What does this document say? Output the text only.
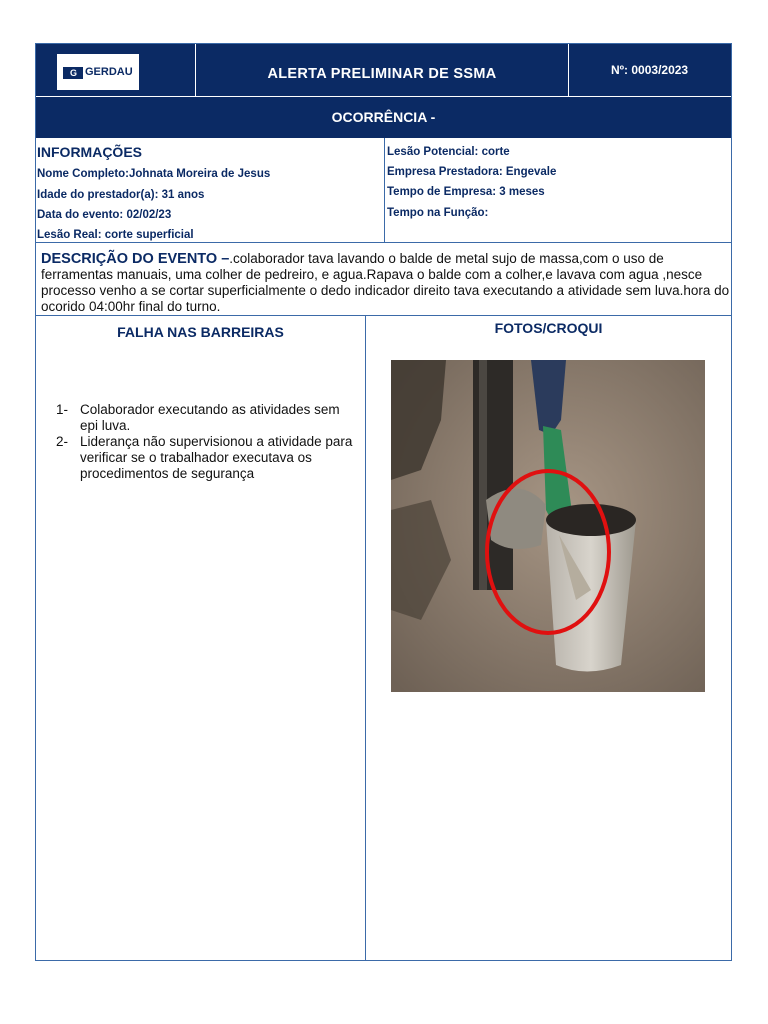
G GERDAU	ALERTA PRELIMINAR DE SSMA	Nº: 0003/2023
OCORRÊNCIA -
INFORMAÇÕES
Nome Completo:Johnata Moreira de Jesus
Idade do prestador(a): 31 anos
Data do evento: 02/02/23
Lesão Real: corte superficial
Lesão Potencial: corte
Empresa Prestadora: Engevale
Tempo de Empresa: 3 meses
Tempo na Função:

DESCRIÇÃO DO EVENTO –.colaborador tava lavando o balde de metal sujo de massa,com o uso de ferramentas manuais, uma colher de pedreiro, e agua.Rapava o balde com a colher,e lavava com agua ,nesce processo venho a se cortar superficialmente o dedo indicador direito tava executando a atividade sem luva.hora do ocorido 04:00hr final do turno.

FALHA NAS BARREIRAS
1- Colaborador executando as atividades sem epi luva.
2- Liderança não supervisionou a atividade para verificar se o trabalhador executava os procedimentos de segurança
FOTOS/CROQUI
